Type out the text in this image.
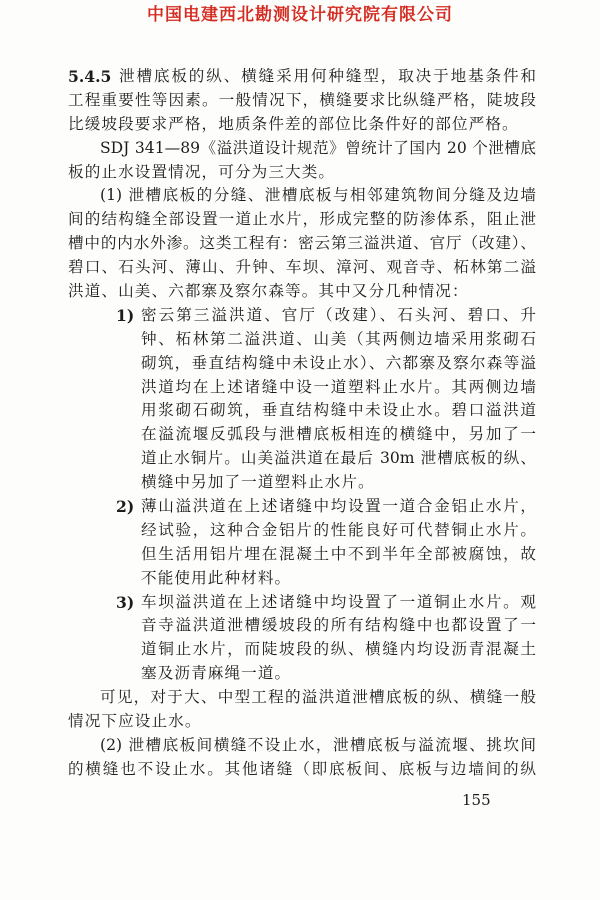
中国电建西北勘测设计研究院有限公司
5.4.5 泄槽底板的纵、横缝采用何种缝型，取决于地基条件和
工程重要性等因素。一般情况下，横缝要求比纵缝严格，陡坡段
比缓坡段要求严格，地质条件差的部位比条件好的部位严格。
SDJ 341—89《溢洪道设计规范》曾统计了国内 20 个泄槽底
板的止水设置情况，可分为三大类。
(1) 泄槽底板的分缝、泄槽底板与相邻建筑物间分缝及边墙
间的结构缝全部设置一道止水片，形成完整的防渗体系，阻止泄
槽中的内水外渗。这类工程有：密云第三溢洪道、官厅（改建）、
碧口、石头河、薄山、升钟、车坝、漳河、观音寺、柘林第二溢
洪道、山美、六都寨及察尔森等。其中又分几种情况：
1) 密云第三溢洪道、官厅（改建）、石头河、碧口、升
钟、柘林第二溢洪道、山美（其两侧边墙采用浆砌石
砌筑，垂直结构缝中未设止水）、六都寨及察尔森等溢
洪道均在上述诸缝中设一道塑料止水片。其两侧边墙
用浆砌石砌筑，垂直结构缝中未设止水。碧口溢洪道
在溢流堰反弧段与泄槽底板相连的横缝中，另加了一
道止水铜片。山美溢洪道在最后 30m 泄槽底板的纵、
横缝中另加了一道塑料止水片。
2) 薄山溢洪道在上述诸缝中均设置一道合金铝止水片，
经试验，这种合金铝片的性能良好可代替铜止水片。
但生活用铝片埋在混凝土中不到半年全部被腐蚀，故
不能使用此种材料。
3) 车坝溢洪道在上述诸缝中均设置了一道铜止水片。观
音寺溢洪道泄槽缓坡段的所有结构缝中也都设置了一
道铜止水片，而陡坡段的纵、横缝内均设沥青混凝土
塞及沥青麻绳一道。
可见，对于大、中型工程的溢洪道泄槽底板的纵、横缝一般
情况下应设止水。
(2) 泄槽底板间横缝不设止水，泄槽底板与溢流堰、挑坎间
的横缝也不设止水。其他诸缝（即底板间、底板与边墙间的纵
155
